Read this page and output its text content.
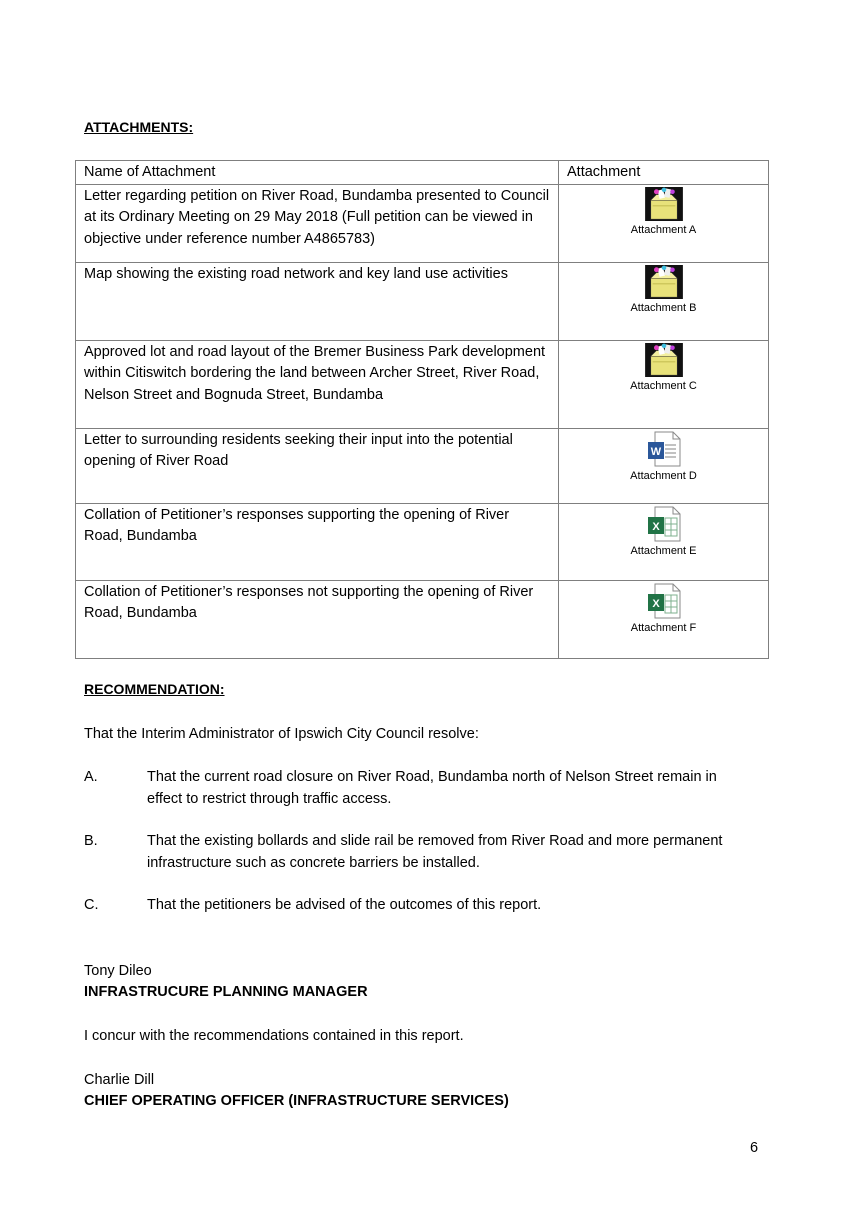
ATTACHMENTS:
Name of Attachment	Attachment
Letter regarding petition on River Road, Bundamba presented to Council at its Ordinary Meeting on 29 May 2018 (Full petition can be viewed in objective under reference number A4865783)	Attachment A

Map showing the existing road network and key land use activities	Attachment B

Approved lot and road layout of the Bremer Business Park development within Citiswitch bordering the land between Archer Street, River Road, Nelson Street and Bognuda Street, Bundamba	Attachment C

Letter to surrounding residents seeking their input into the potential opening of River Road	Attachment D

Collation of Petitioner’s responses supporting the opening of River Road, Bundamba	Attachment E

Collation of Petitioner’s responses not supporting the opening of River Road, Bundamba	Attachment F
RECOMMENDATION:
That the Interim Administrator of Ipswich City Council resolve:
A.	That the current road closure on River Road, Bundamba north of Nelson Street remain in effect to restrict through traffic access.
B.	That the existing bollards and slide rail be removed from River Road and more permanent infrastructure such as concrete barriers be installed.
C.	That the petitioners be advised of the outcomes of this report.
Tony Dileo
INFRASTRUCURE PLANNING MANAGER
I concur with the recommendations contained in this report.
Charlie Dill
CHIEF OPERATING OFFICER (INFRASTRUCTURE SERVICES)
6
